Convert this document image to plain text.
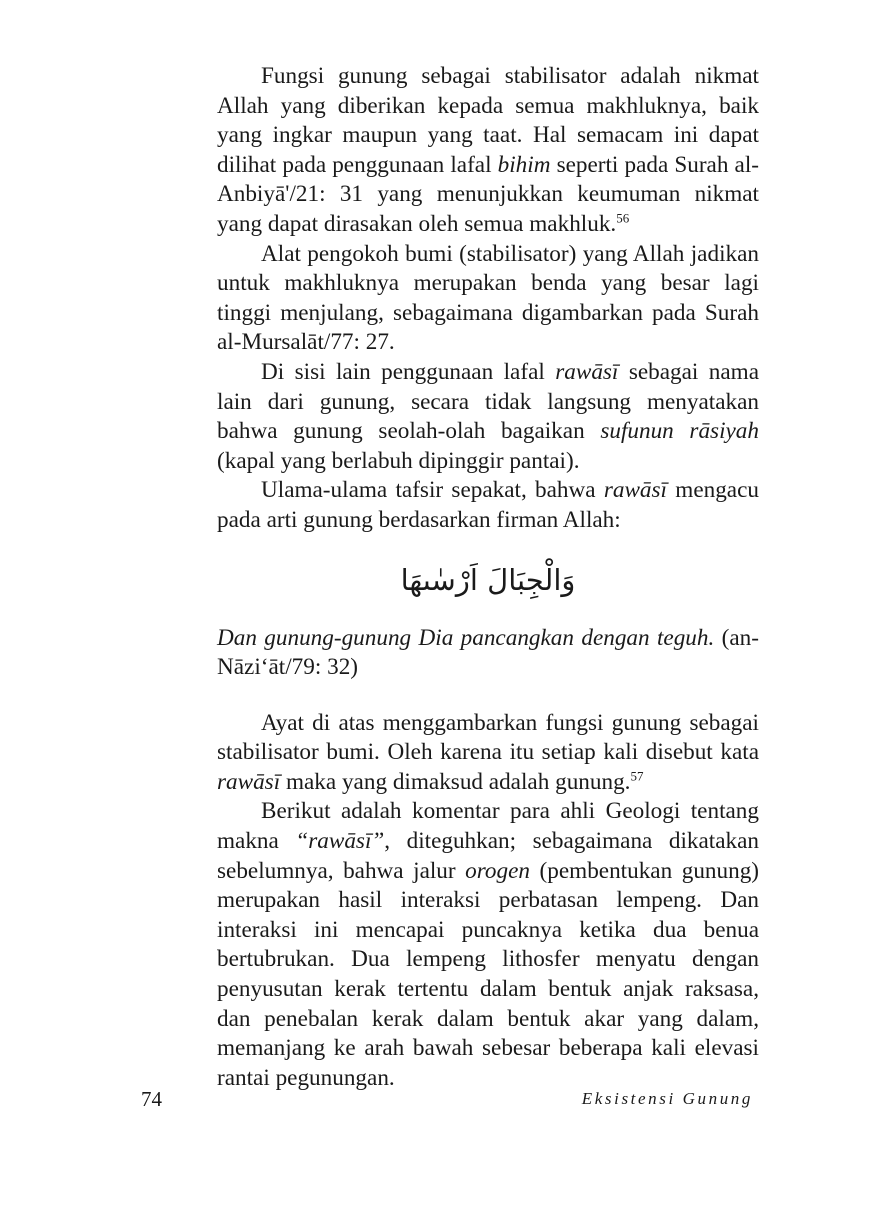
Fungsi gunung sebagai stabilisator adalah nikmat Allah yang diberikan kepada semua makhluknya, baik yang ingkar maupun yang taat. Hal semacam ini dapat dilihat pada penggunaan lafal bihim seperti pada Surah al-Anbiyā'/21: 31 yang menunjukkan keumuman nikmat yang dapat dirasakan oleh semua makhluk.$^{56}$

Alat pengokoh bumi (stabilisator) yang Allah jadikan untuk makhluknya merupakan benda yang besar lagi tinggi menjulang, sebagaimana digambarkan pada Surah al-Mursalāt/77: 27.

Di sisi lain penggunaan lafal rawāsī sebagai nama lain dari gunung, secara tidak langsung menyatakan bahwa gunung seolah-olah bagaikan sufunun rāsiyah (kapal yang berlabuh dipinggir pantai).

Ulama-ulama tafsir sepakat, bahwa rawāsī mengacu pada arti gunung berdasarkan firman Allah:

وَالْجِبَالَ اَرْسٰىهَا

Dan gunung-gunung Dia pancangkan dengan teguh. (an-Nāzi‘āt/79: 32)

Ayat di atas menggambarkan fungsi gunung sebagai stabilisator bumi. Oleh karena itu setiap kali disebut kata rawāsī maka yang dimaksud adalah gunung.$^{57}$

Berikut adalah komentar para ahli Geologi tentang makna “rawāsī”, diteguhkan; sebagaimana dikatakan sebelumnya, bahwa jalur orogen (pembentukan gunung) merupakan hasil interaksi perbatasan lempeng. Dan interaksi ini mencapai puncaknya ketika dua benua bertubrukan. Dua lempeng lithosfer menyatu dengan penyusutan kerak tertentu dalam bentuk anjak raksasa, dan penebalan kerak dalam bentuk akar yang dalam, memanjang ke arah bawah sebesar beberapa kali elevasi rantai pegunungan.

74	Eksistensi Gunung
